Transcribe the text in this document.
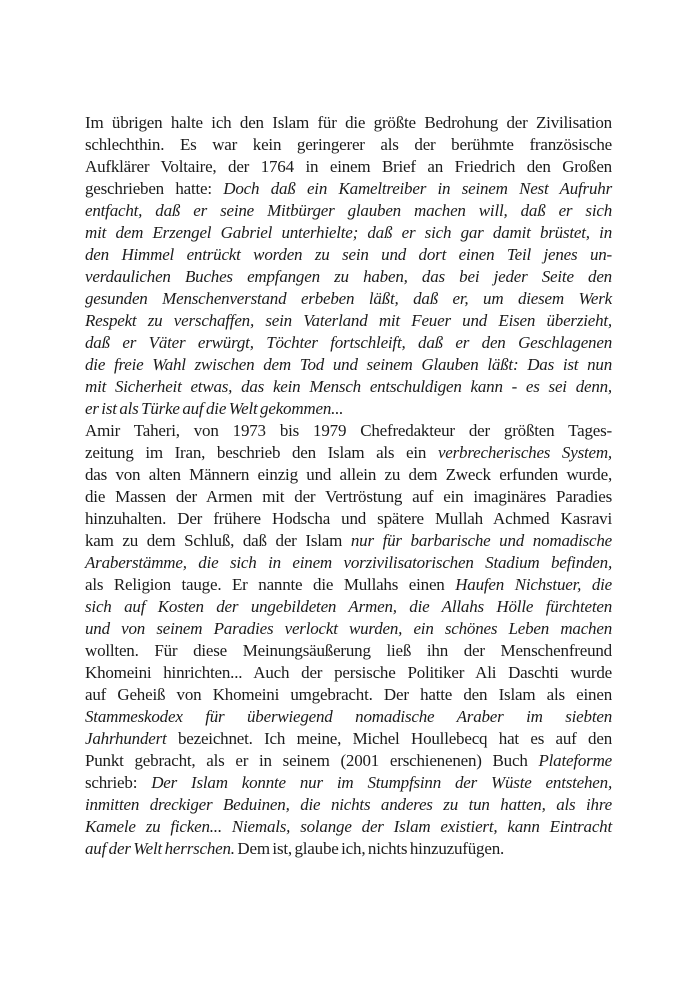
Im übrigen halte ich den Islam für die größte Bedrohung der Zivilisation
schlechthin. Es war kein geringerer als der berühmte französische
Aufklärer Voltaire, der 1764 in einem Brief an Friedrich den Großen
geschrieben hatte: Doch daß ein Kameltreiber in seinem Nest Aufruhr
entfacht, daß er seine Mitbürger glauben machen will, daß er sich
mit dem Erzengel Gabriel unterhielte; daß er sich gar damit brüstet, in
den Himmel entrückt worden zu sein und dort einen Teil jenes un-
verdaulichen Buches empfangen zu haben, das bei jeder Seite den
gesunden Menschenverstand erbeben läßt, daß er, um diesem Werk
Respekt zu verschaffen, sein Vaterland mit Feuer und Eisen überzieht,
daß er Väter erwürgt, Töchter fortschleift, daß er den Geschlagenen
die freie Wahl zwischen dem Tod und seinem Glauben läßt: Das ist nun
mit Sicherheit etwas, das kein Mensch entschuldigen kann - es sei denn,
er ist als Türke auf die Welt gekommen...
Amir Taheri, von 1973 bis 1979 Chefredakteur der größten Tages-
zeitung im Iran, beschrieb den Islam als ein verbrecherisches System,
das von alten Männern einzig und allein zu dem Zweck erfunden wurde,
die Massen der Armen mit der Vertröstung auf ein imaginäres Paradies
hinzuhalten. Der frühere Hodscha und spätere Mullah Achmed Kasravi
kam zu dem Schluß, daß der Islam nur für barbarische und nomadische
Araberstämme, die sich in einem vorzivilisatorischen Stadium befinden,
als Religion tauge. Er nannte die Mullahs einen Haufen Nichstuer, die
sich auf Kosten der ungebildeten Armen, die Allahs Hölle fürchteten
und von seinem Paradies verlockt wurden, ein schönes Leben machen
wollten. Für diese Meinungsäußerung ließ ihn der Menschenfreund
Khomeini hinrichten... Auch der persische Politiker Ali Daschti wurde
auf Geheiß von Khomeini umgebracht. Der hatte den Islam als einen
Stammeskodex für überwiegend nomadische Araber im siebten
Jahrhundert bezeichnet. Ich meine, Michel Houllebecq hat es auf den
Punkt gebracht, als er in seinem (2001 erschienenen) Buch Plateforme
schrieb: Der Islam konnte nur im Stumpfsinn der Wüste entstehen,
inmitten dreckiger Beduinen, die nichts anderes zu tun hatten, als ihre
Kamele zu ficken... Niemals, solange der Islam existiert, kann Eintracht
auf der Welt herrschen. Dem ist, glaube ich, nichts hinzuzufügen.
